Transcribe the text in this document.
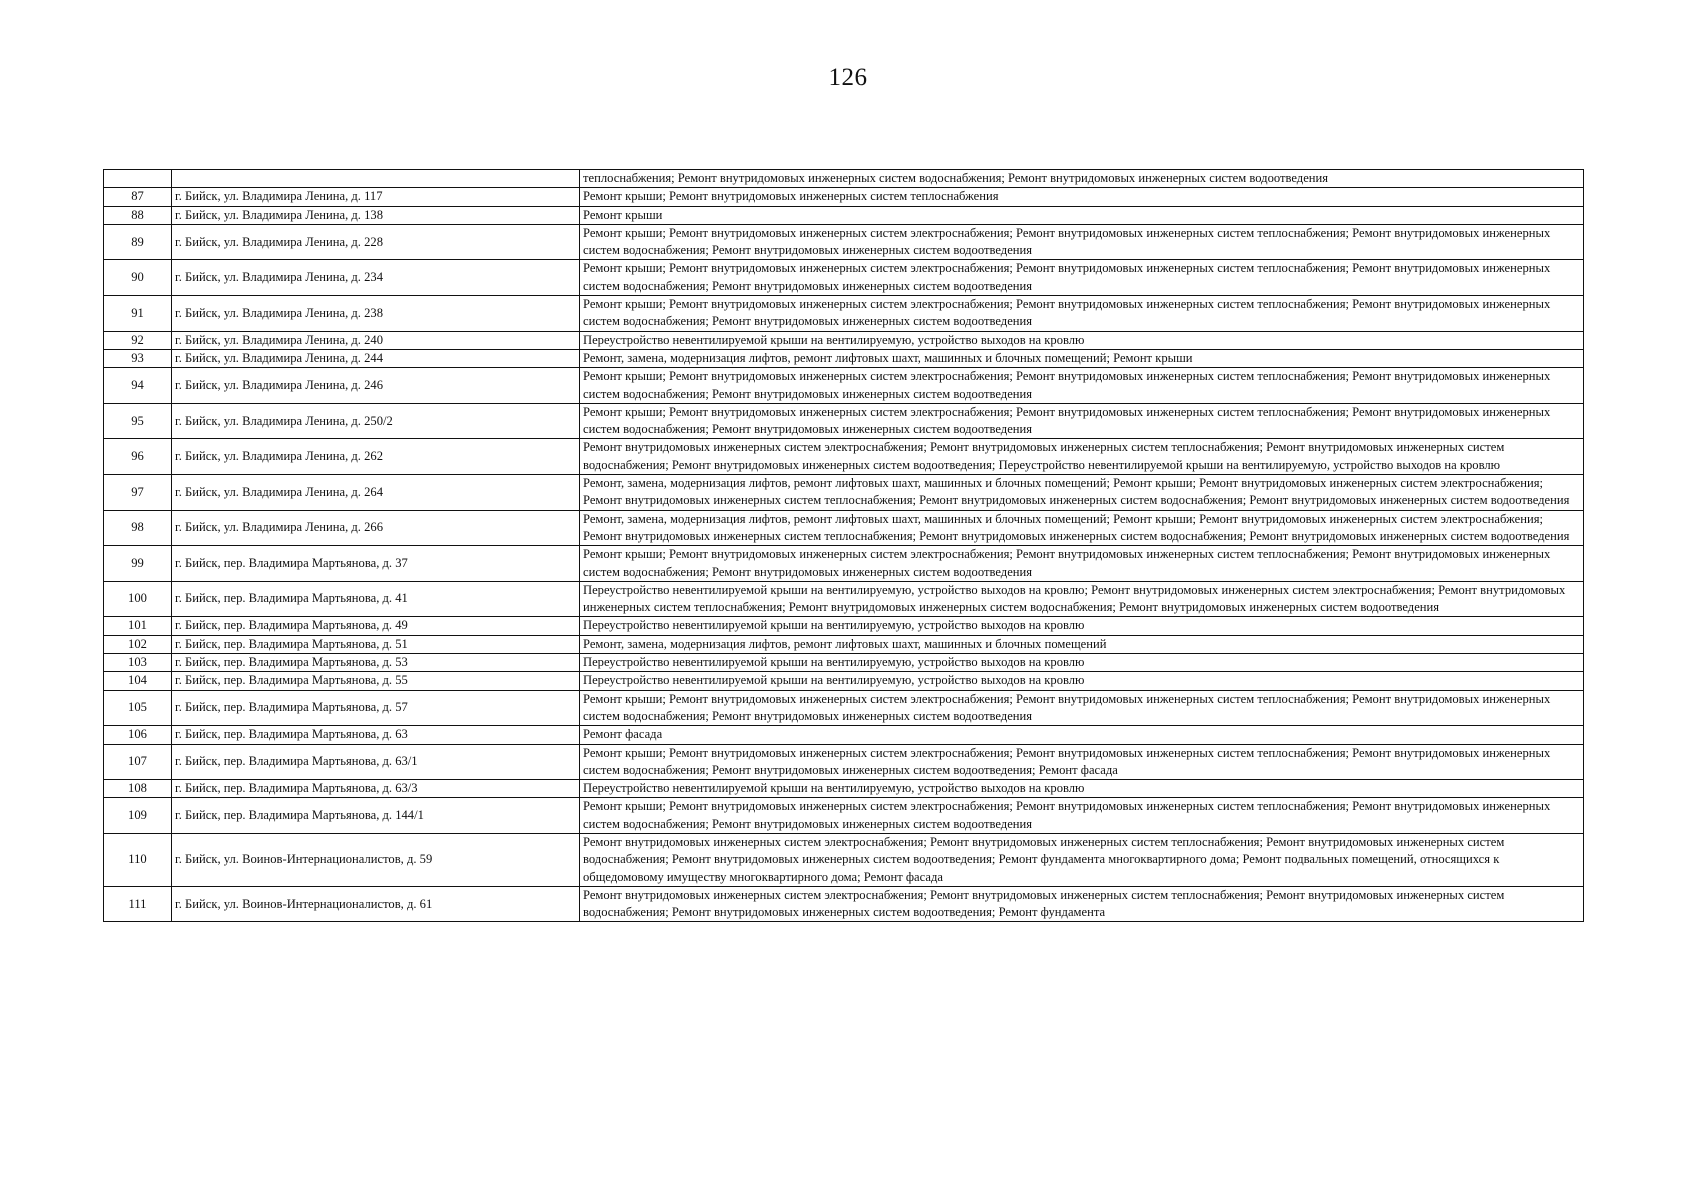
126
		теплоснабжения; Ремонт внутридомовых инженерных систем водоснабжения; Ремонт внутридомовых инженерных систем водоотведения
87	г. Бийск, ул. Владимира Ленина, д. 117	Ремонт крыши; Ремонт внутридомовых инженерных систем теплоснабжения
88	г. Бийск, ул. Владимира Ленина, д. 138	Ремонт крыши
89	г. Бийск, ул. Владимира Ленина, д. 228	Ремонт крыши; Ремонт внутридомовых инженерных систем электроснабжения; Ремонт внутридомовых инженерных систем теплоснабжения; Ремонт внутридомовых инженерных систем водоснабжения; Ремонт внутридомовых инженерных систем водоотведения
90	г. Бийск, ул. Владимира Ленина, д. 234	Ремонт крыши; Ремонт внутридомовых инженерных систем электроснабжения; Ремонт внутридомовых инженерных систем теплоснабжения; Ремонт внутридомовых инженерных систем водоснабжения; Ремонт внутридомовых инженерных систем водоотведения
91	г. Бийск, ул. Владимира Ленина, д. 238	Ремонт крыши; Ремонт внутридомовых инженерных систем электроснабжения; Ремонт внутридомовых инженерных систем теплоснабжения; Ремонт внутридомовых инженерных систем водоснабжения; Ремонт внутридомовых инженерных систем водоотведения
92	г. Бийск, ул. Владимира Ленина, д. 240	Переустройство невентилируемой крыши на вентилируемую, устройство выходов на кровлю
93	г. Бийск, ул. Владимира Ленина, д. 244	Ремонт, замена, модернизация лифтов, ремонт лифтовых шахт, машинных и блочных помещений; Ремонт крыши
94	г. Бийск, ул. Владимира Ленина, д. 246	Ремонт крыши; Ремонт внутридомовых инженерных систем электроснабжения; Ремонт внутридомовых инженерных систем теплоснабжения; Ремонт внутридомовых инженерных систем водоснабжения; Ремонт внутридомовых инженерных систем водоотведения
95	г. Бийск, ул. Владимира Ленина, д. 250/2	Ремонт крыши; Ремонт внутридомовых инженерных систем электроснабжения; Ремонт внутридомовых инженерных систем теплоснабжения; Ремонт внутридомовых инженерных систем водоснабжения; Ремонт внутридомовых инженерных систем водоотведения
96	г. Бийск, ул. Владимира Ленина, д. 262	Ремонт внутридомовых инженерных систем электроснабжения; Ремонт внутридомовых инженерных систем теплоснабжения; Ремонт внутридомовых инженерных систем водоснабжения; Ремонт внутридомовых инженерных систем водоотведения; Переустройство невентилируемой крыши на вентилируемую, устройство выходов на кровлю
97	г. Бийск, ул. Владимира Ленина, д. 264	Ремонт, замена, модернизация лифтов, ремонт лифтовых шахт, машинных и блочных помещений; Ремонт крыши; Ремонт внутридомовых инженерных систем электроснабжения; Ремонт внутридомовых инженерных систем теплоснабжения; Ремонт внутридомовых инженерных систем водоснабжения; Ремонт внутридомовых инженерных систем водоотведения
98	г. Бийск, ул. Владимира Ленина, д. 266	Ремонт, замена, модернизация лифтов, ремонт лифтовых шахт, машинных и блочных помещений; Ремонт крыши; Ремонт внутридомовых инженерных систем электроснабжения; Ремонт внутридомовых инженерных систем теплоснабжения; Ремонт внутридомовых инженерных систем водоснабжения; Ремонт внутридомовых инженерных систем водоотведения
99	г. Бийск, пер. Владимира Мартьянова, д. 37	Ремонт крыши; Ремонт внутридомовых инженерных систем электроснабжения; Ремонт внутридомовых инженерных систем теплоснабжения; Ремонт внутридомовых инженерных систем водоснабжения; Ремонт внутридомовых инженерных систем водоотведения
100	г. Бийск, пер. Владимира Мартьянова, д. 41	Переустройство невентилируемой крыши на вентилируемую, устройство выходов на кровлю; Ремонт внутридомовых инженерных систем электроснабжения; Ремонт внутридомовых инженерных систем теплоснабжения; Ремонт внутридомовых инженерных систем водоснабжения; Ремонт внутридомовых инженерных систем водоотведения
101	г. Бийск, пер. Владимира Мартьянова, д. 49	Переустройство невентилируемой крыши на вентилируемую, устройство выходов на кровлю
102	г. Бийск, пер. Владимира Мартьянова, д. 51	Ремонт, замена, модернизация лифтов, ремонт лифтовых шахт, машинных и блочных помещений
103	г. Бийск, пер. Владимира Мартьянова, д. 53	Переустройство невентилируемой крыши на вентилируемую, устройство выходов на кровлю
104	г. Бийск, пер. Владимира Мартьянова, д. 55	Переустройство невентилируемой крыши на вентилируемую, устройство выходов на кровлю
105	г. Бийск, пер. Владимира Мартьянова, д. 57	Ремонт крыши; Ремонт внутридомовых инженерных систем электроснабжения; Ремонт внутридомовых инженерных систем теплоснабжения; Ремонт внутридомовых инженерных систем водоснабжения; Ремонт внутридомовых инженерных систем водоотведения
106	г. Бийск, пер. Владимира Мартьянова, д. 63	Ремонт фасада
107	г. Бийск, пер. Владимира Мартьянова, д. 63/1	Ремонт крыши; Ремонт внутридомовых инженерных систем электроснабжения; Ремонт внутридомовых инженерных систем теплоснабжения; Ремонт внутридомовых инженерных систем водоснабжения; Ремонт внутридомовых инженерных систем водоотведения; Ремонт фасада
108	г. Бийск, пер. Владимира Мартьянова, д. 63/3	Переустройство невентилируемой крыши на вентилируемую, устройство выходов на кровлю
109	г. Бийск, пер. Владимира Мартьянова, д. 144/1	Ремонт крыши; Ремонт внутридомовых инженерных систем электроснабжения; Ремонт внутридомовых инженерных систем теплоснабжения; Ремонт внутридомовых инженерных систем водоснабжения; Ремонт внутридомовых инженерных систем водоотведения
110	г. Бийск, ул. Воинов-Интернационалистов, д. 59	Ремонт внутридомовых инженерных систем электроснабжения; Ремонт внутридомовых инженерных систем теплоснабжения; Ремонт внутридомовых инженерных систем водоснабжения; Ремонт внутридомовых инженерных систем водоотведения; Ремонт фундамента многоквартирного дома; Ремонт подвальных помещений, относящихся к общедомовому имуществу многоквартирного дома; Ремонт фасада
111	г. Бийск, ул. Воинов-Интернационалистов, д. 61	Ремонт внутридомовых инженерных систем электроснабжения; Ремонт внутридомовых инженерных систем теплоснабжения; Ремонт внутридомовых инженерных систем водоснабжения; Ремонт внутридомовых инженерных систем водоотведения; Ремонт фундамента
